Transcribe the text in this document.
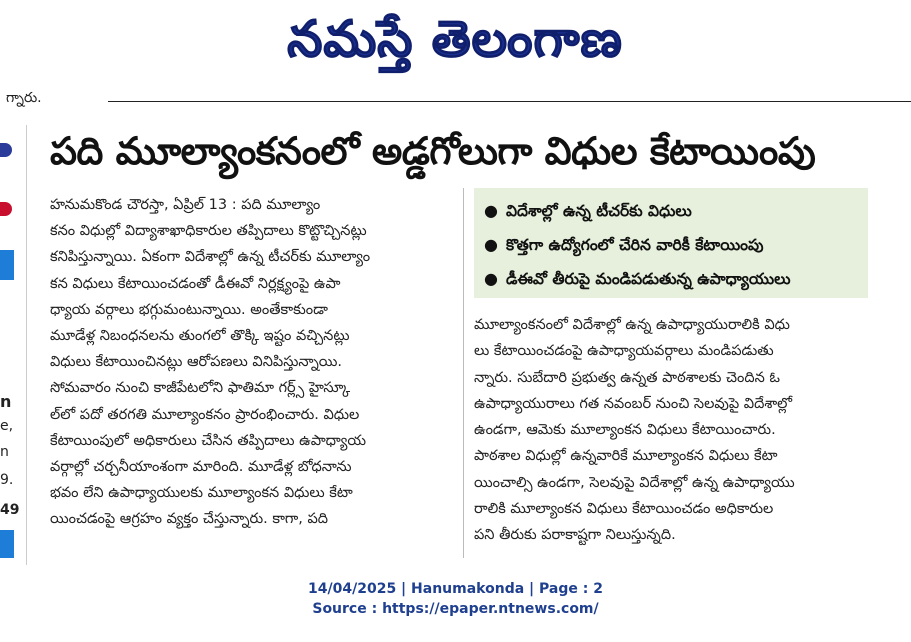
నమస్తే తెలంగాణ
గ్నారు.
n
e,
n
9.
49
పది మూల్యాంకనంలో అడ్డగోలుగా విధుల కేటాయింపు
● విదేశాల్లో ఉన్న టీచర్‌కు విధులు
● కొత్తగా ఉద్యోగంలో చేరిన వారికీ కేటాయింపు
● డీఈవో తీరుపై మండిపడుతున్న ఉపాధ్యాయులు
హనుమకొండ చౌరస్తా, ఏప్రిల్ 13 : పది మూల్యాం
కనం విధుల్లో విద్యాశాఖాధికారుల తప్పిదాలు కొట్టొచ్చినట్లు
కనిపిస్తున్నాయి. ఏకంగా విదేశాల్లో ఉన్న టీచర్‌కు మూల్యాం
కన విధులు కేటాయించడంతో డీఈవో నిర్లక్ష్యంపై ఉపా
ధ్యాయ వర్గాలు భగ్గుమంటున్నాయి. అంతేకాకుండా
మూడేళ్ల నిబంధనలను తుంగలో తొక్కి ఇష్టం వచ్చినట్లు
విధులు కేటాయించినట్లు ఆరోపణలు వినిపిస్తున్నాయి.
సోమవారం నుంచి కాజీపేటలోని ఫాతిమా గర్ల్స్ హైస్కూ
ల్‌లో పదో తరగతి మూల్యాంకనం ప్రారంభించారు. విధుల
కేటాయింపులో అధికారులు చేసిన తప్పిదాలు ఉపాధ్యాయ
వర్గాల్లో చర్చనీయాంశంగా మారింది. మూడేళ్ల బోధనాను
భవం లేని ఉపాధ్యాయులకు మూల్యాంకన విధులు కేటా
యించడంపై ఆగ్రహం వ్యక్తం చేస్తున్నారు. కాగా, పది
మూల్యాంకనంలో విదేశాల్లో ఉన్న ఉపాధ్యాయురాలికి విధు
లు కేటాయించడంపై ఉపాధ్యాయవర్గాలు మండిపడుతు
న్నారు. సుబేదారి ప్రభుత్వ ఉన్నత పాఠశాలకు చెందిన ఓ
ఉపాధ్యాయురాలు గత నవంబర్ నుంచి సెలవుపై విదేశాల్లో
ఉండగా, ఆమెకు మూల్యాంకన విధులు కేటాయించారు.
పాఠశాల విధుల్లో ఉన్నవారికే మూల్యాంకన విధులు కేటా
యించాల్సి ఉండగా, సెలవుపై విదేశాల్లో ఉన్న ఉపాధ్యాయు
రాలికి మూల్యాంకన విధులు కేటాయించడం అధికారుల
పని తీరుకు పరాకాష్టగా నిలుస్తున్నది.
14/04/2025 | Hanumakonda | Page : 2
Source : https://epaper.ntnews.com/
